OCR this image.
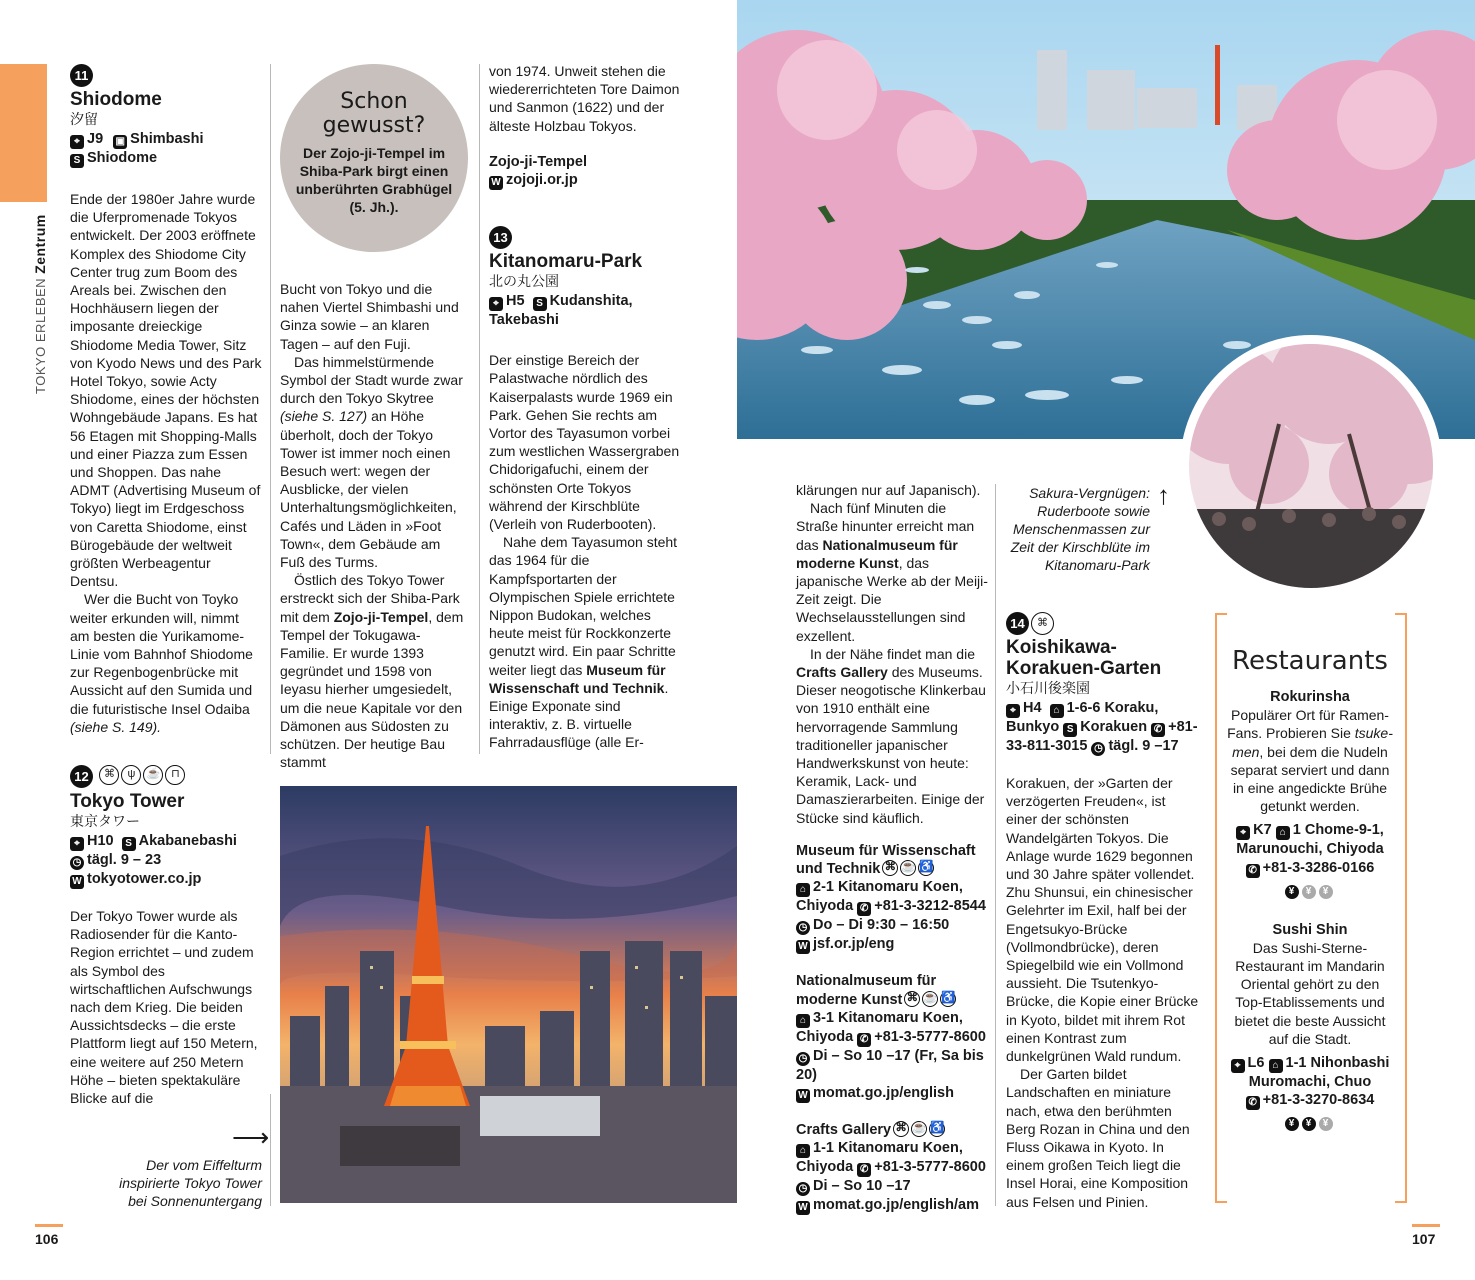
TOKYO ERLEBEN Zentrum
11
Shiodome
汐留
⌖ J9 ▣ Shimbashi
S Shiodome

Ende der 1980er Jahre wurde die Uferpromenade Tokyos entwickelt. Der 2003 eröffnete Komplex des Shiodome City Center trug zum Boom des Areals bei. Zwischen den Hochhäusern liegen der imposante dreieckige Shiodome Media Tower, Sitz von Kyodo News und des Park Hotel Tokyo, sowie Acty Shiodome, eines der höchsten Wohngebäude Japans. Es hat 56 Etagen mit Shopping-Malls und einer Piazza zum Essen und Shoppen. Das nahe ADMT (Advertising Museum of Tokyo) liegt im Erdgeschoss von Caretta Shiodome, einst Bürogebäude der weltweit größten Werbeagentur Dentsu.

Wer die Bucht von Toyko weiter erkunden will, nimmt am besten die Yurikamome-Linie vom Bahnhof Shiodome zur Regenbogenbrücke mit Aussicht auf den Sumida und die futuristische Insel Odaiba (siehe S. 149).

12 ⌘ ψ ☕ ⊓
Tokyo Tower
東京タワー
⌖ H10 S Akabanebashi
◷ tägl. 9 – 23
W tokyotower.co.jp

Der Tokyo Tower wurde als Radiosender für die Kanto-Region errichtet – und zudem als Symbol des wirtschaftlichen Aufschwungs nach dem Krieg. Die beiden Aussichtsdecks – die erste Plattform liegt auf 150 Metern, eine weitere auf 250 Metern Höhe – bieten spektakuläre Blicke auf die

⟶
Der vom Eiffelturm inspirierte Tokyo Tower bei Sonnenuntergang
Schon gewusst?
Der Zojo-ji-Tempel im Shiba-Park birgt einen unberührten Grabhügel (5. Jh.).

Bucht von Tokyo und die nahen Viertel Shimbashi und Ginza sowie – an klaren Tagen – auf den Fuji.

Das himmelstürmende Symbol der Stadt wurde zwar durch den Tokyo Skytree (siehe S. 127) an Höhe überholt, doch der Tokyo Tower ist immer noch einen Besuch wert: wegen der Ausblicke, der vielen Unterhaltungsmöglichkeiten, Cafés und Läden in »Foot Town«, dem Gebäude am Fuß des Turms.

Östlich des Tokyo Tower erstreckt sich der Shiba-Park mit dem Zojo-ji-Tempel, dem Tempel der Tokugawa-Familie. Er wurde 1393 gegründet und 1598 von Ieyasu hierher umgesiedelt, um die neue Kapitale vor den Dämonen aus Südosten zu schützen. Der heutige Bau stammt

von 1974. Unweit stehen die wiedererrichteten Tore Daimon und Sanmon (1622) und der älteste Holzbau Tokyos.

Zojo-ji-Tempel
W zojoji.or.jp
13
Kitanomaru-Park
北の丸公園
⌖ H5 S Kudanshita, Takebashi

Der einstige Bereich der Palastwache nördlich des Kaiserpalasts wurde 1969 ein Park. Gehen Sie rechts am Vortor des Tayasumon vorbei zum westlichen Wassergraben Chidorigafuchi, einem der schönsten Orte Tokyos während der Kirschblüte (Verleih von Ruderbooten).

Nahe dem Tayasumon steht das 1964 für die Kampfsportarten der Olympischen Spiele errichtete Nippon Budokan, welches heute meist für Rockkonzerte genutzt wird. Ein paar Schritte weiter liegt das Museum für Wissenschaft und Technik. Einige Exponate sind interaktiv, z. B. virtuelle Fahrradausflüge (alle Er-

klärungen nur auf Japanisch).

Nach fünf Minuten die Straße hinunter erreicht man das Nationalmuseum für moderne Kunst, das japanische Werke ab der Meiji- Zeit zeigt. Die Wechselausstellungen sind exzellent.

In der Nähe findet man die Crafts Gallery des Museums. Dieser neogotische Klinkerbau von 1910 enthält eine hervorragende Sammlung traditioneller japanischer Handwerkskunst von heute: Keramik, Lack- und Damaszierarbeiten. Einige der Stücke sind käuflich.

Museum für Wissenschaft und Technik ⌘ ☕ ♿
⌂ 2-1 Kitanomaru Koen, Chiyoda ✆ +81-3-3212-8544 ◷ Do – Di 9:30 – 16:50
W jsf.or.jp/eng
Nationalmuseum für moderne Kunst ⌘ ☕ ♿
⌂ 3-1 Kitanomaru Koen, Chiyoda ✆ +81-3-5777-8600 ◷ Di – So 10 –17 (Fr, Sa bis 20)
W momat.go.jp/english
Crafts Gallery ⌘ ☕ ♿
⌂ 1-1 Kitanomaru Koen, Chiyoda ✆ +81-3-5777-8600 ◷ Di – So 10 –17
W momat.go.jp/english/am
Sakura-Vergnügen: Ruderboote sowie Menschenmassen zur Zeit der Kirschblüte im Kitanomaru-Park
↑
14 ⌘
Koishikawa-Korakuen-Garten
小石川後楽園
⌖ H4 ⌂ 1-6-6 Koraku, Bunkyo S Korakuen ✆ +81-33-811-3015 ◷ tägl. 9 –17

Korakuen, der »Garten der verzögerten Freuden«, ist einer der schönsten Wandelgärten Tokyos. Die Anlage wurde 1629 begonnen und 30 Jahre später vollendet. Zhu Shunsui, ein chinesischer Gelehrter im Exil, half bei der Engetsukyo-Brücke (Vollmondbrücke), deren Spiegelbild wie ein Vollmond aussieht. Die Tsutenkyo-Brücke, die Kopie einer Brücke in Kyoto, bildet mit ihrem Rot einen Kontrast zum dunkelgrünen Wald rundum.

Der Garten bildet Landschaften en miniature nach, etwa den berühmten Berg Rozan in China und den Fluss Oikawa in Kyoto. In einem großen Teich liegt die Insel Horai, eine Komposition aus Felsen und Pinien.

Restaurants
Rokurinsha
Populärer Ort für Ramen-Fans. Probieren Sie tsuke-men, bei dem die Nudeln separat serviert und dann in eine angedickte Brühe getunkt werden.
⌖ K7 ⌂ 1 Chome-9-1, Marunouchi, Chiyoda
✆ +81-3-3286-0166
¥ ¥ ¥
Sushi Shin
Das Sushi-Sterne-Restaurant im Mandarin Oriental gehört zu den Top-Etablissements und bietet die beste Aussicht auf die Stadt.
⌖ L6 ⌂ 1-1 Nihonbashi Muromachi, Chuo
✆ +81-3-3270-8634
¥ ¥ ¥
106	107
